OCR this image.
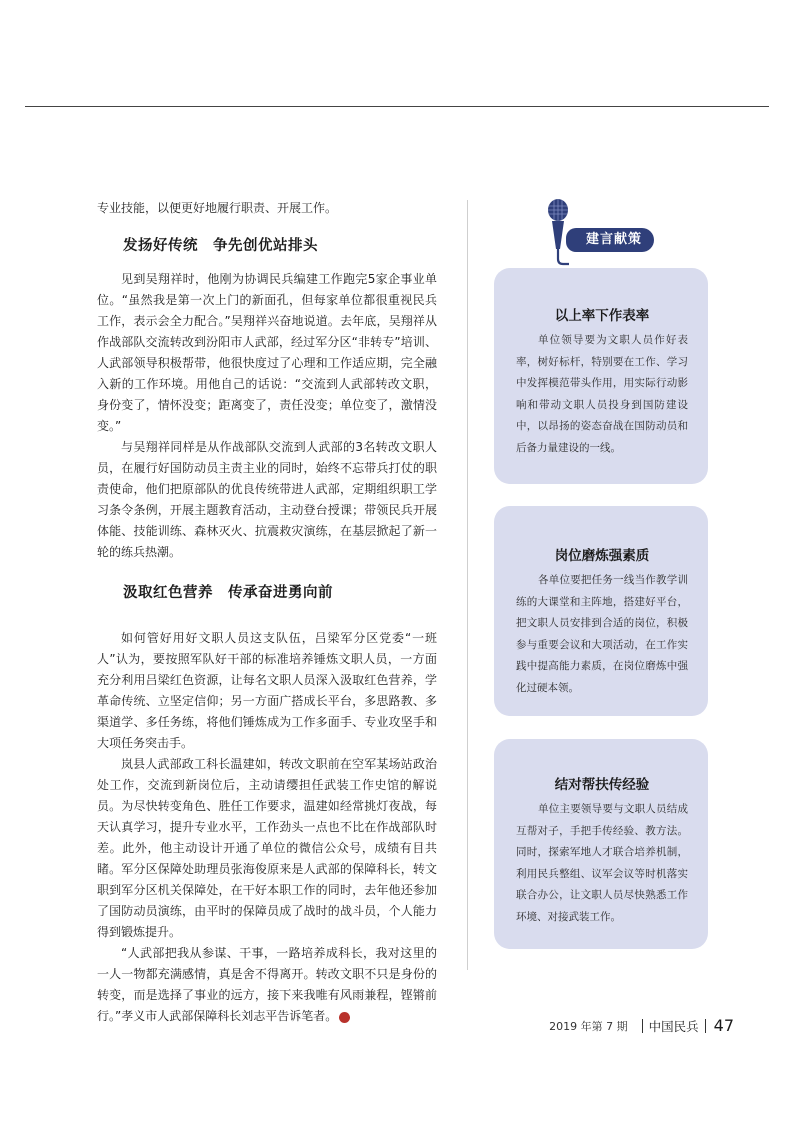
专业技能，以便更好地履行职责、开展工作。

发扬好传统　争先创优站排头

见到吴翔祥时，他刚为协调民兵编建工作跑完5家企事业单位。“虽然我是第一次上门的新面孔，但每家单位都很重视民兵工作，表示会全力配合。”吴翔祥兴奋地说道。去年底，吴翔祥从作战部队交流转改到汾阳市人武部，经过军分区“非转专”培训、人武部领导积极帮带，他很快度过了心理和工作适应期，完全融入新的工作环境。用他自己的话说：“交流到人武部转改文职，身份变了，情怀没变；距离变了，责任没变；单位变了，激情没变。”

与吴翔祥同样是从作战部队交流到人武部的3名转改文职人员，在履行好国防动员主责主业的同时，始终不忘带兵打仗的职责使命，他们把原部队的优良传统带进人武部，定期组织职工学习条令条例，开展主题教育活动，主动登台授课；带领民兵开展体能、技能训练、森林灭火、抗震救灾演练，在基层掀起了新一轮的练兵热潮。

汲取红色营养　传承奋进勇向前

如何管好用好文职人员这支队伍，吕梁军分区党委“一班人”认为，要按照军队好干部的标准培养锤炼文职人员，一方面充分利用吕梁红色资源，让每名文职人员深入汲取红色营养，学革命传统、立坚定信仰；另一方面广搭成长平台，多思路教、多渠道学、多任务练，将他们锤炼成为工作多面手、专业攻坚手和大项任务突击手。

岚县人武部政工科长温建如，转改文职前在空军某场站政治处工作，交流到新岗位后，主动请缨担任武装工作史馆的解说员。为尽快转变角色、胜任工作要求，温建如经常挑灯夜战，每天认真学习，提升专业水平，工作劲头一点也不比在作战部队时差。此外，他主动设计开通了单位的微信公众号，成绩有目共睹。军分区保障处助理员张海俊原来是人武部的保障科长，转文职到军分区机关保障处，在干好本职工作的同时，去年他还参加了国防动员演练，由平时的保障员成了战时的战斗员，个人能力得到锻炼提升。

“人武部把我从参谋、干事，一路培养成科长，我对这里的一人一物都充满感情，真是舍不得离开。转改文职不只是身份的转变，而是选择了事业的远方，接下来我唯有风雨兼程，铿锵前行。”孝义市人武部保障科长刘志平告诉笔者。	兵

建言献策
以上率下作表率

单位领导要为文职人员作好表率，树好标杆，特别要在工作、学习中发挥模范带头作用，用实际行动影响和带动文职人员投身到国防建设中，以昂扬的姿态奋战在国防动员和后备力量建设的一线。

岗位磨炼强素质

各单位要把任务一线当作教学训练的大课堂和主阵地，搭建好平台，把文职人员安排到合适的岗位，积极参与重要会议和大项活动，在工作实践中提高能力素质，在岗位磨炼中强化过硬本领。

结对帮扶传经验

单位主要领导要与文职人员结成互帮对子，手把手传经验、教方法。同时，探索军地人才联合培养机制，利用民兵整组、议军会议等时机落实联合办公，让文职人员尽快熟悉工作环境、对接武装工作。

2019 年第 7 期 中国民兵 47
